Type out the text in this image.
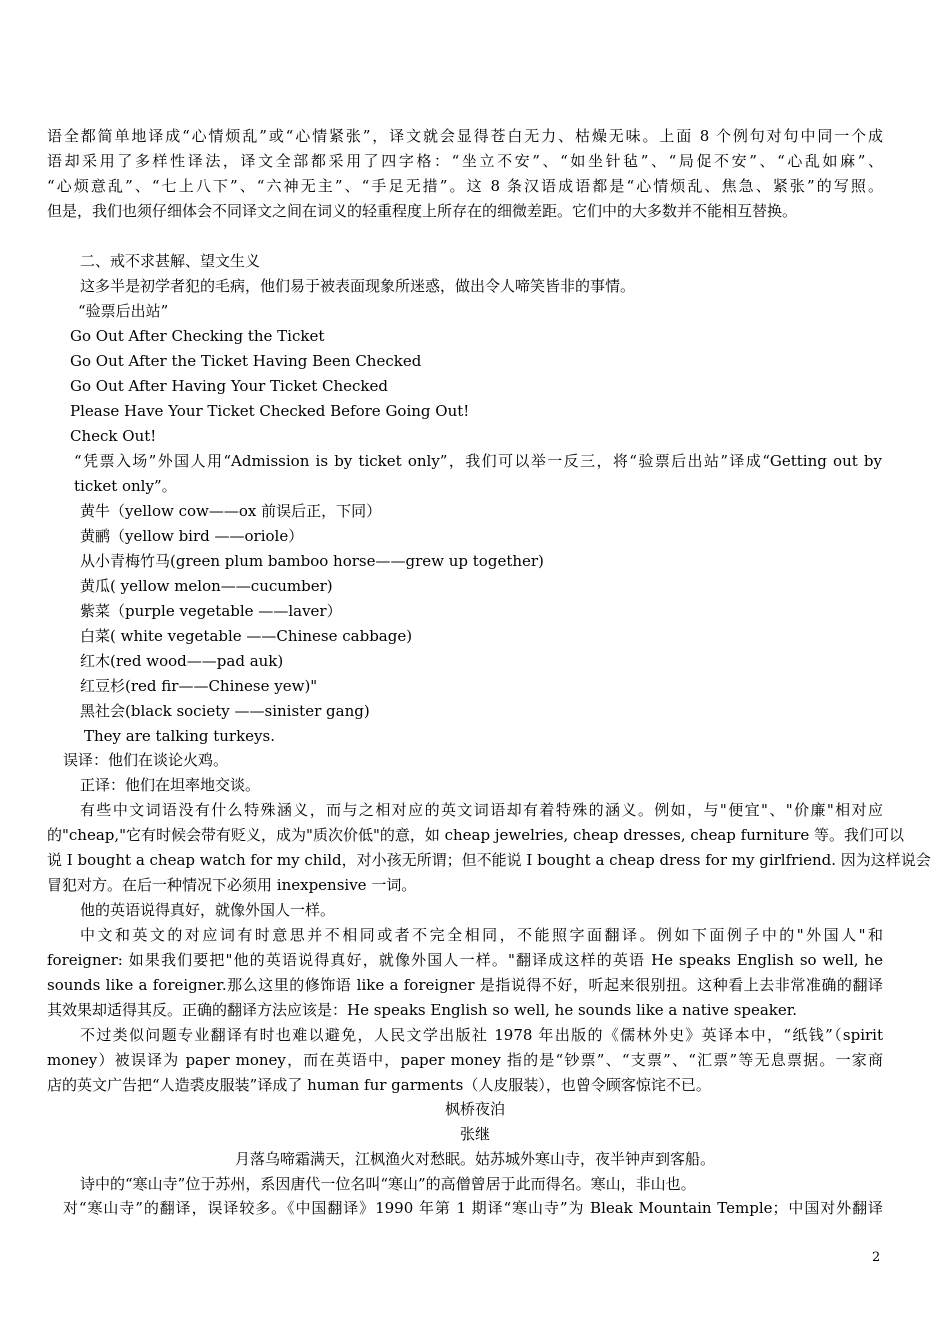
语全都简单地译成“心情烦乱”或“心情紧张”，译文就会显得苍白无力、枯燥无味。上面 8 个例句对句中同一个成
语却采用了多样性译法，译文全部都采用了四字格：“坐立不安”、“如坐针毡”、“局促不安”、“心乱如麻”、
“心烦意乱”、“七上八下”、“六神无主”、“手足无措”。这 8 条汉语成语都是“心情烦乱、焦急、紧张”的写照。
但是，我们也须仔细体会不同译文之间在词义的轻重程度上所存在的细微差距。它们中的大多数并不能相互替换。
二、戒不求甚解、望文生义
这多半是初学者犯的毛病，他们易于被表面现象所迷惑，做出令人啼笑皆非的事情。
“验票后出站”
Go Out After Checking the Ticket
Go Out After the Ticket Having Been Checked
Go Out After Having Your Ticket Checked
Please Have Your Ticket Checked Before Going Out!
Check Out!
“凭票入场”外国人用“Admission is by ticket only”，我们可以举一反三，将“验票后出站”译成“Getting out by
ticket only”。
黄牛（yellow cow——ox 前误后正，下同）
黄鹂（yellow bird ——oriole）
从小青梅竹马(green plum bamboo horse——grew up together)
黄瓜( yellow melon——cucumber)
紫菜（purple vegetable ——laver）
白菜( white vegetable ——Chinese cabbage)
红木(red wood——pad auk)
红豆杉(red fir——Chinese yew)"
黑社会(black society ——sinister gang)
They are talking turkeys.
误译：他们在谈论火鸡。
正译：他们在坦率地交谈。
有些中文词语没有什么特殊涵义，而与之相对应的英文词语却有着特殊的涵义。例如，与"便宜"、"价廉"相对应
的"cheap,"它有时候会带有贬义，成为"质次价低"的意，如 cheap jewelries, cheap dresses, cheap furniture 等。我们可以
说 I bought a cheap watch for my child，对小孩无所谓；但不能说 I bought a cheap dress for my girlfriend. 因为这样说会
冒犯对方。在后一种情况下必须用 inexpensive 一词。
他的英语说得真好，就像外国人一样。
中文和英文的对应词有时意思并不相同或者不完全相同，不能照字面翻译。例如下面例子中的"外国人"和
foreigner: 如果我们要把"他的英语说得真好，就像外国人一样。"翻译成这样的英语 He speaks English so well, he
sounds like a foreigner.那么这里的修饰语 like a foreigner 是指说得不好，听起来很别扭。这种看上去非常准确的翻译
其效果却适得其反。正确的翻译方法应该是：He speaks English so well, he sounds like a native speaker.
不过类似问题专业翻译有时也难以避免，人民文学出版社 1978 年出版的《儒林外史》英译本中，“纸钱”（spirit
money）被误译为 paper money，而在英语中，paper money 指的是“钞票”、“支票”、“汇票”等无息票据。一家商
店的英文广告把“人造裘皮服装”译成了 human fur garments（人皮服装），也曾令顾客惊诧不已。
枫桥夜泊
张继
月落乌啼霜满天，江枫渔火对愁眠。姑苏城外寒山寺，夜半钟声到客船。
诗中的“寒山寺”位于苏州，系因唐代一位名叫“寒山”的高僧曾居于此而得名。寒山，非山也。
对“寒山寺”的翻译，误译较多。《中国翻译》1990 年第 1 期译“寒山寺”为 Bleak Mountain Temple；中国对外翻译
2
